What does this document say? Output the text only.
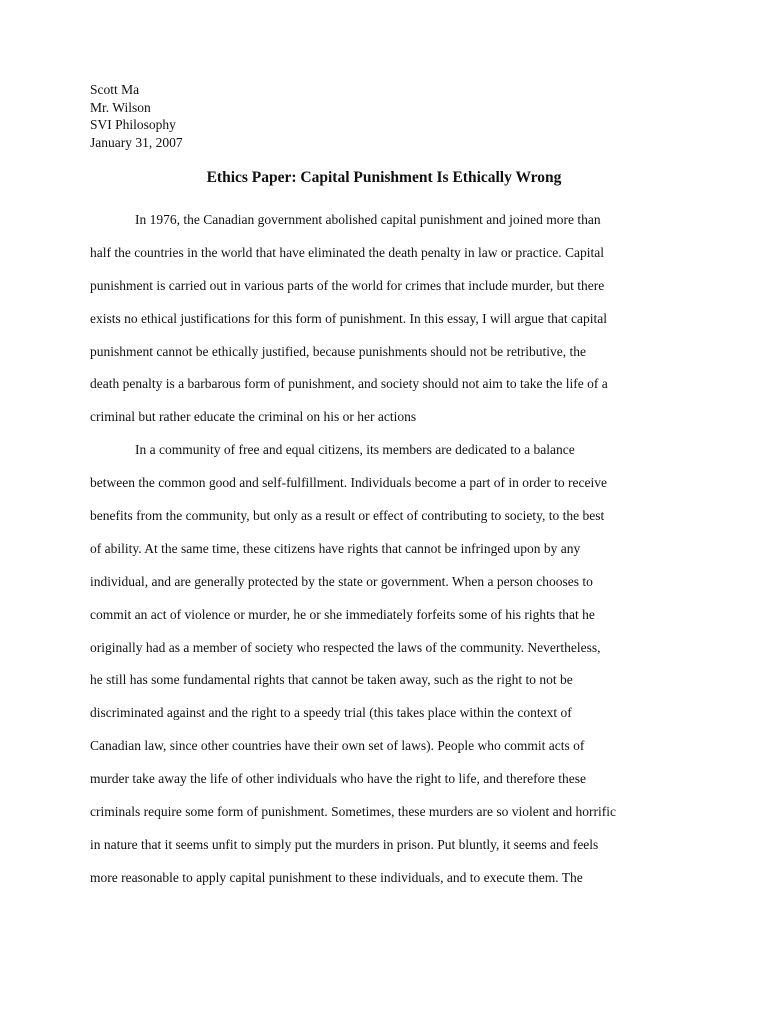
Scott Ma
Mr. Wilson
SVI Philosophy
January 31, 2007
Ethics Paper: Capital Punishment Is Ethically Wrong
In 1976, the Canadian government abolished capital punishment and joined more than
half the countries in the world that have eliminated the death penalty in law or practice. Capital
punishment is carried out in various parts of the world for crimes that include murder, but there
exists no ethical justifications for this form of punishment. In this essay, I will argue that capital
punishment cannot be ethically justified, because punishments should not be retributive, the
death penalty is a barbarous form of punishment, and society should not aim to take the life of a
criminal but rather educate the criminal on his or her actions
In a community of free and equal citizens, its members are dedicated to a balance
between the common good and self-fulfillment. Individuals become a part of in order to receive
benefits from the community, but only as a result or effect of contributing to society, to the best
of ability. At the same time, these citizens have rights that cannot be infringed upon by any
individual, and are generally protected by the state or government. When a person chooses to
commit an act of violence or murder, he or she immediately forfeits some of his rights that he
originally had as a member of society who respected the laws of the community. Nevertheless,
he still has some fundamental rights that cannot be taken away, such as the right to not be
discriminated against and the right to a speedy trial (this takes place within the context of
Canadian law, since other countries have their own set of laws). People who commit acts of
murder take away the life of other individuals who have the right to life, and therefore these
criminals require some form of punishment. Sometimes, these murders are so violent and horrific
in nature that it seems unfit to simply put the murders in prison. Put bluntly, it seems and feels
more reasonable to apply capital punishment to these individuals, and to execute them. The
